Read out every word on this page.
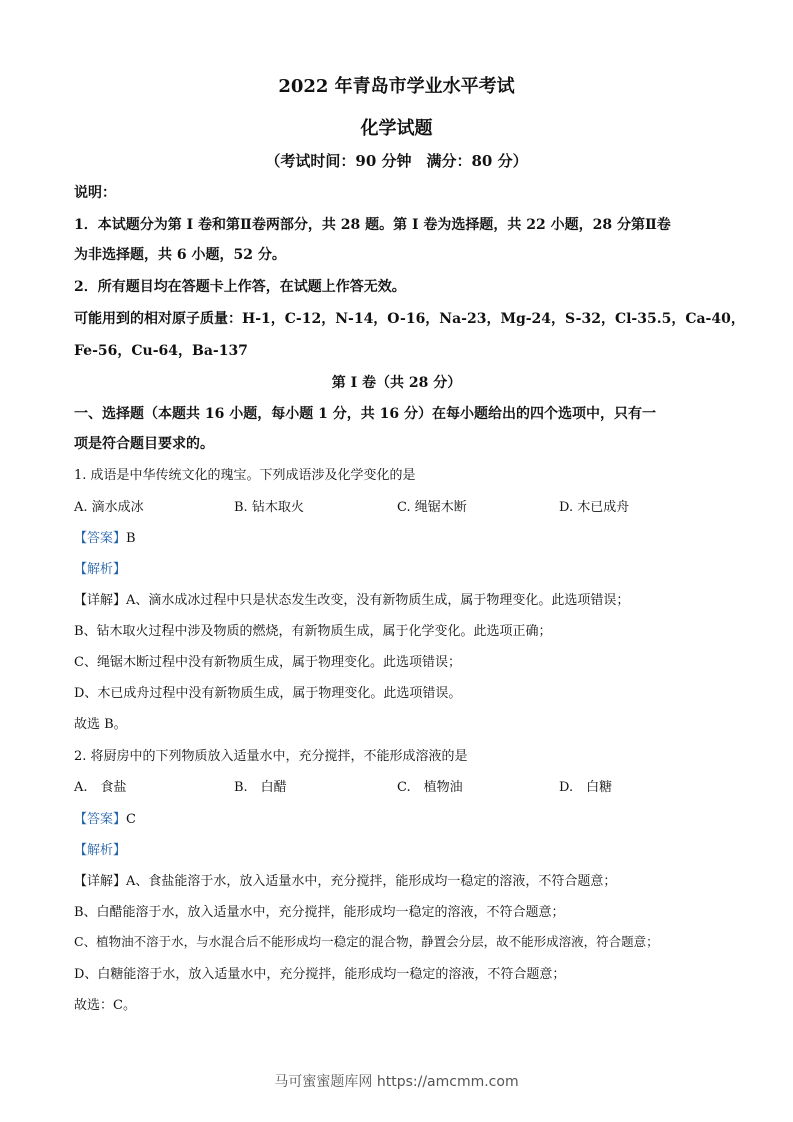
2022 年青岛市学业水平考试
化学试题
（考试时间：90 分钟　满分：80 分）
说明：
1．本试题分为第 I 卷和第Ⅱ卷两部分，共 28 题。第 I 卷为选择题，共 22 小题，28 分第Ⅱ卷
为非选择题，共 6 小题，52 分。
2．所有题目均在答题卡上作答，在试题上作答无效。
可能用到的相对原子质量：H-1，C-12，N-14，O-16，Na-23，Mg-24，S-32，Cl-35.5，Ca-40，
Fe-56，Cu-64，Ba-137
第 I 卷（共 28 分）
一、选择题（本题共 16 小题，每小题 1 分，共 16 分）在每小题给出的四个选项中，只有一
项是符合题目要求的。
1. 成语是中华传统文化的瑰宝。下列成语涉及化学变化的是
A. 滴水成冰	B. 钻木取火	C. 绳锯木断	D. 木已成舟
【答案】B
【解析】
【详解】A、滴水成冰过程中只是状态发生改变，没有新物质生成，属于物理变化。此选项错误；
B、钻木取火过程中涉及物质的燃烧，有新物质生成，属于化学变化。此选项正确；
C、绳锯木断过程中没有新物质生成，属于物理变化。此选项错误；
D、木已成舟过程中没有新物质生成，属于物理变化。此选项错误。
故选 B。
2. 将厨房中的下列物质放入适量水中，充分搅拌，不能形成溶液的是
A.　食盐	B.　白醋	C.　植物油	D.　白糖
【答案】C
【解析】
【详解】A、食盐能溶于水，放入适量水中，充分搅拌，能形成均一稳定的溶液，不符合题意；
B、白醋能溶于水，放入适量水中，充分搅拌，能形成均一稳定的溶液，不符合题意；
C、植物油不溶于水，与水混合后不能形成均一稳定的混合物，静置会分层，故不能形成溶液，符合题意；
D、白糖能溶于水，放入适量水中，充分搅拌，能形成均一稳定的溶液，不符合题意；
故选：C。
马可蜜蜜题库网 https://amcmm.com
